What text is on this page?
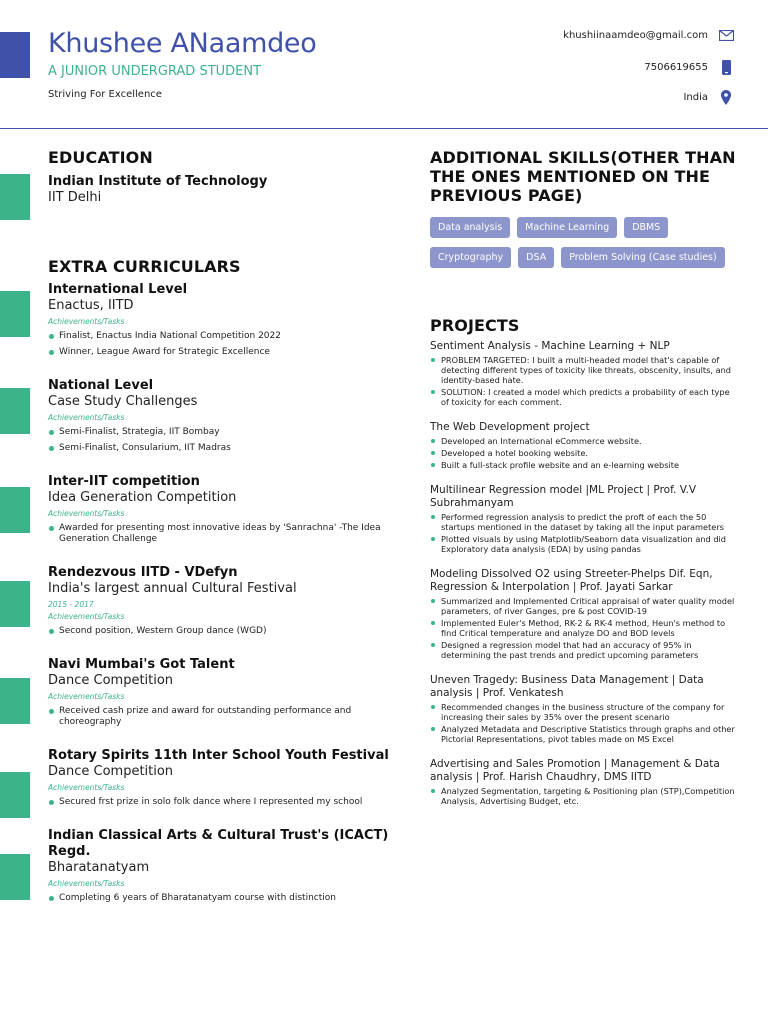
Khushee ANaamdeo
A JUNIOR UNDERGRAD STUDENT
Striving For Excellence
khushiinaamdeo@gmail.com
7506619655
India
EDUCATION
Indian Institute of Technology
IIT Delhi
EXTRA CURRICULARS
International Level
Enactus, IITD
Achievements/Tasks
Finalist, Enactus India National Competition 2022
Winner, League Award for Strategic Excellence
National Level
Case Study Challenges
Achievements/Tasks
Semi-Finalist, Strategia, IIT Bombay
Semi-Finalist, Consularium, IIT Madras
Inter-IIT competition
Idea Generation Competition
Achievements/Tasks
Awarded for presenting most innovative ideas by 'Sanrachna' -The Idea Generation Challenge
Rendezvous IITD - VDefyn
India's largest annual Cultural Festival
2015 - 2017
Achievements/Tasks
Second position, Western Group dance (WGD)
Navi Mumbai's Got Talent
Dance Competition
Achievements/Tasks
Received cash prize and award for outstanding performance and choreography
Rotary Spirits 11th Inter School Youth Festival
Dance Competition
Achievements/Tasks
Secured frst prize in solo folk dance where I represented my school
Indian Classical Arts & Cultural Trust's (ICACT) Regd.
Bharatanatyam
Achievements/Tasks
Completing 6 years of Bharatanatyam course with distinction
ADDITIONAL SKILLS(OTHER THAN THE ONES MENTIONED ON THE PREVIOUS PAGE)
Data analysis	Machine Learning	DBMS
Cryptography	DSA	Problem Solving (Case studies)
PROJECTS
Sentiment Analysis - Machine Learning + NLP
PROBLEM TARGETED: I built a multi-headed model that's capable of detecting different types of toxicity like threats, obscenity, insults, and identity-based hate.
SOLUTION: I created a model which predicts a probability of each type of toxicity for each comment.
The Web Development project
Developed an International eCommerce website.
Developed a hotel booking website.
Built a full-stack profile website and an e-learning website
Multilinear Regression model |ML Project | Prof. V.V Subrahmanyam
Performed regression analysis to predict the proft of each the 50 startups mentioned in the dataset by taking all the input parameters
Plotted visuals by using Matplotlib/Seaborn data visualization and did Exploratory data analysis (EDA) by using pandas
Modeling Dissolved O2 using Streeter-Phelps Dif. Eqn, Regression & Interpolation | Prof. Jayati Sarkar
Summarized and Implemented Critical appraisal of water quality model parameters, of river Ganges, pre & post COVID-19
Implemented Euler's Method, RK-2 & RK-4 method, Heun's method to find Critical temperature and analyze DO and BOD levels
Designed a regression model that had an accuracy of 95% in determining the past trends and predict upcoming parameters
Uneven Tragedy: Business Data Management | Data analysis | Prof. Venkatesh
Recommended changes in the business structure of the company for increasing their sales by 35% over the present scenario
Analyzed Metadata and Descriptive Statistics through graphs and other Pictorial Representations, pivot tables made on MS Excel
Advertising and Sales Promotion | Management & Data analysis | Prof. Harish Chaudhry, DMS IITD
Analyzed Segmentation, targeting & Positioning plan (STP),Competition Analysis, Advertising Budget, etc.
